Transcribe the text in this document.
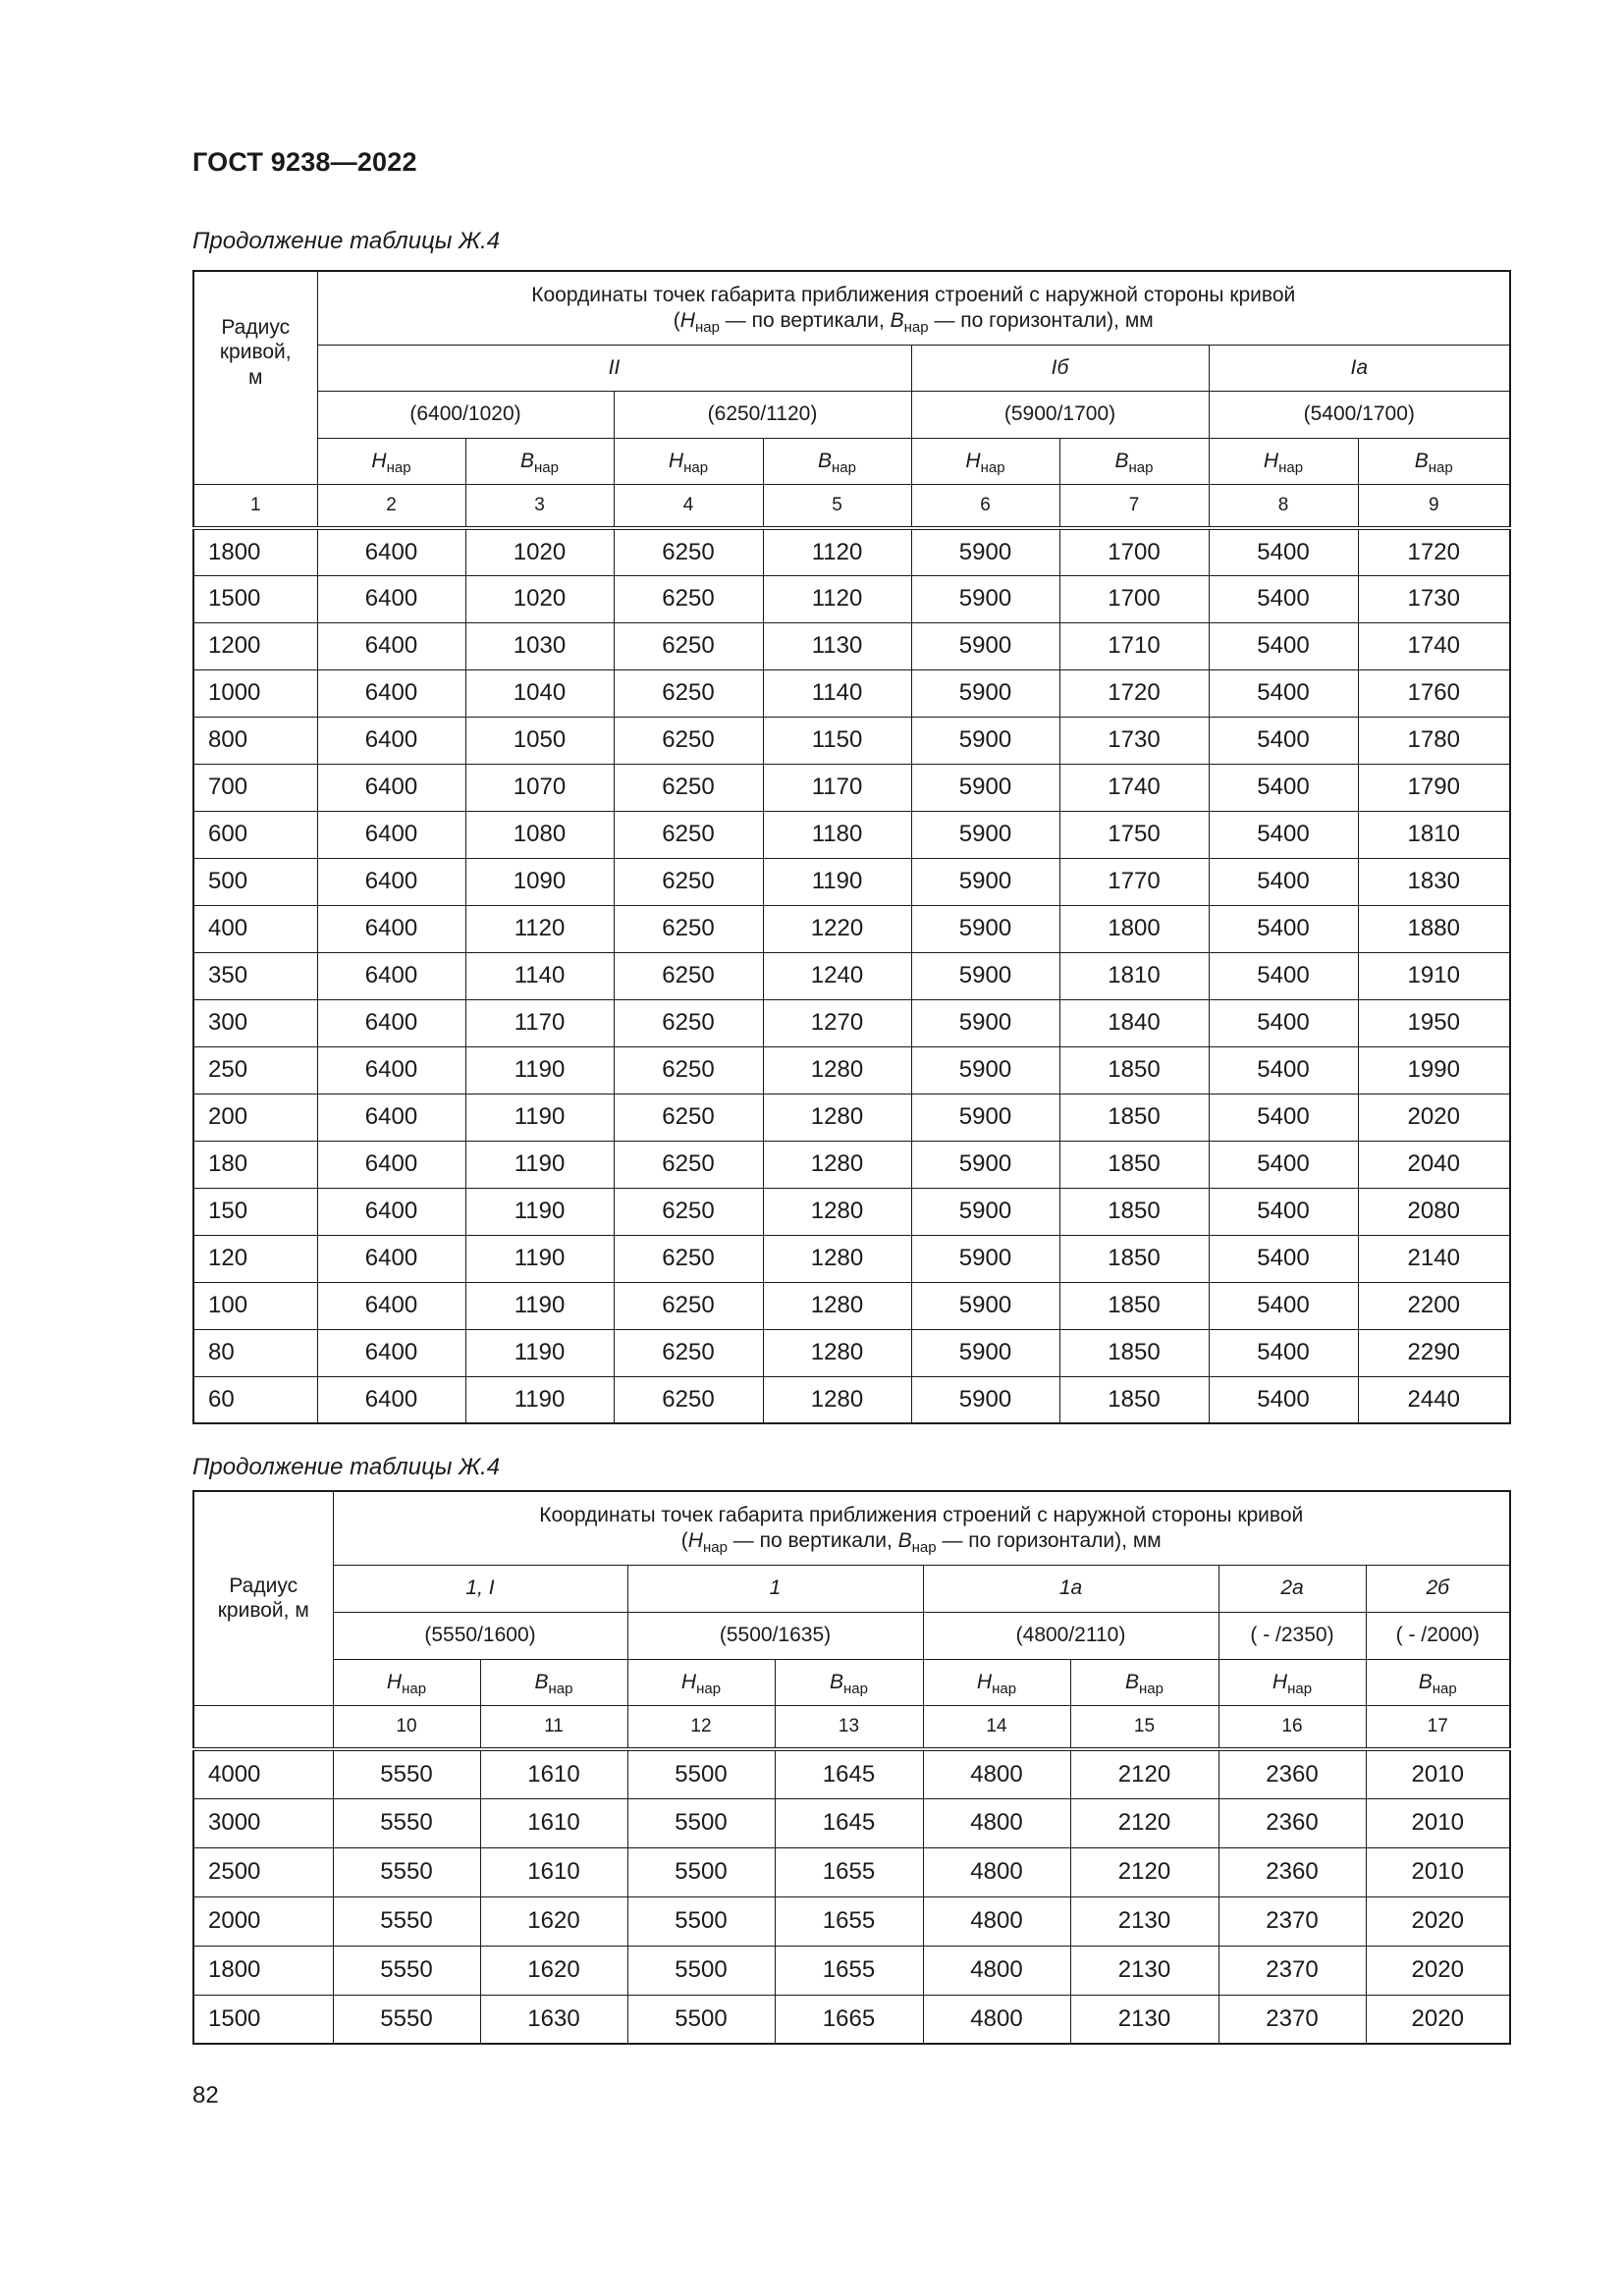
ГОСТ 9238—2022
Продолжение таблицы Ж.4
Радиус кривой, м	Координаты точек габарита приближения строений с наружной стороны кривой
($H_{нар}$ — по вертикали, $B_{нар}$ — по горизонтали), мм							

	II				Iб		Iа	
	(6400/1020)		(6250/1120)		(5900/1700)		(5400/1700)	
	$H_{нар}$	$B_{нар}$	$H_{нар}$	$B_{нар}$	$H_{нар}$	$B_{нар}$	$H_{нар}$	$B_{нар}$
1	2	3	4	5	6	7	8	9
1800	6400	1020	6250	1120	5900	1700	5400	1720
1500	6400	1020	6250	1120	5900	1700	5400	1730
1200	6400	1030	6250	1130	5900	1710	5400	1740
1000	6400	1040	6250	1140	5900	1720	5400	1760
800	6400	1050	6250	1150	5900	1730	5400	1780
700	6400	1070	6250	1170	5900	1740	5400	1790
600	6400	1080	6250	1180	5900	1750	5400	1810
500	6400	1090	6250	1190	5900	1770	5400	1830
400	6400	1120	6250	1220	5900	1800	5400	1880
350	6400	1140	6250	1240	5900	1810	5400	1910
300	6400	1170	6250	1270	5900	1840	5400	1950
250	6400	1190	6250	1280	5900	1850	5400	1990
200	6400	1190	6250	1280	5900	1850	5400	2020
180	6400	1190	6250	1280	5900	1850	5400	2040
150	6400	1190	6250	1280	5900	1850	5400	2080
120	6400	1190	6250	1280	5900	1850	5400	2140
100	6400	1190	6250	1280	5900	1850	5400	2200
80	6400	1190	6250	1280	5900	1850	5400	2290
60	6400	1190	6250	1280	5900	1850	5400	2440
Продолжение таблицы Ж.4
Радиус кривой, м	Координаты точек габарита приближения строений с наружной стороны кривой
($H_{нар}$ — по вертикали, $B_{нар}$ — по горизонтали), мм							

	1, I		1		1а		2а	2б
	(5550/1600)		(5500/1635)		(4800/2110)		( - /2350)	( - /2000)
	$H_{нар}$	$B_{нар}$	$H_{нар}$	$B_{нар}$	$H_{нар}$	$B_{нар}$	$H_{нар}$	$B_{нар}$
	10	11	12	13	14	15	16	17
4000	5550	1610	5500	1645	4800	2120	2360	2010
3000	5550	1610	5500	1645	4800	2120	2360	2010
2500	5550	1610	5500	1655	4800	2120	2360	2010
2000	5550	1620	5500	1655	4800	2130	2370	2020
1800	5550	1620	5500	1655	4800	2130	2370	2020
1500	5550	1630	5500	1665	4800	2130	2370	2020
82
